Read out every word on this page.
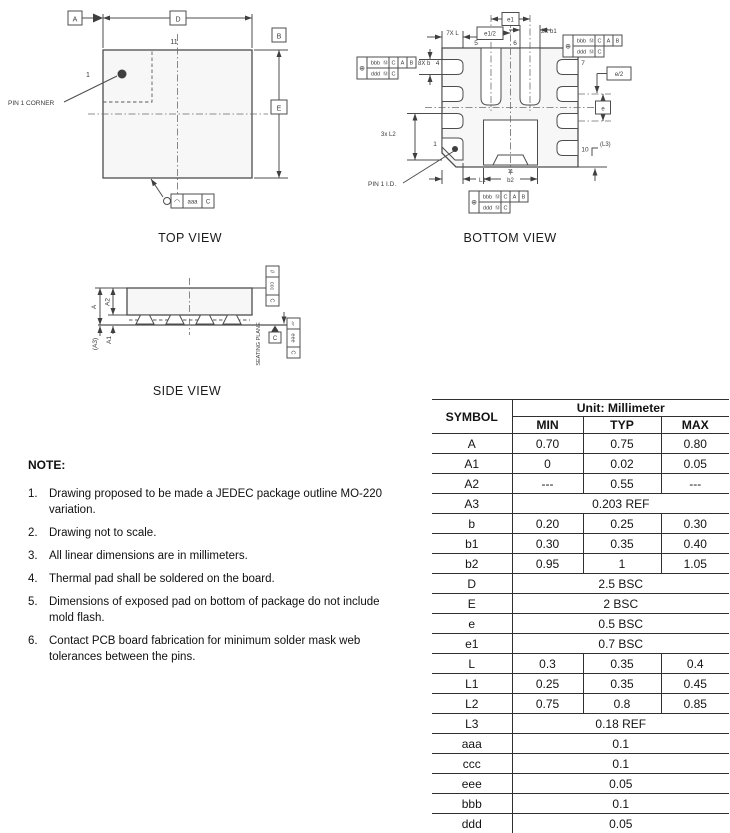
D
A
B
E
11
1
PIN 1 CORNER
◠ aaa C
e1
e1/2
7X L	2X b1
e/2
e
3x L2
1
PIN 1 I.D.	L1	b2
11
(L3)
10
7
5	6
8X b 4
⊕
bbb Ⓜ C A B
ddd Ⓜ C
⊕
bbb Ⓜ C A B
ddd Ⓜ C
⊕
bbb Ⓜ C A B
ddd Ⓜ C
A
A2
A1
(A3)
//
ccc
C
C
SEATING PLANE	▱
eee
C
TOP VIEW	BOTTOM VIEW
SIDE VIEW
NOTE:
1. Drawing proposed to be made a JEDEC package outline MO-220 variation.
2. Drawing not to scale.
3. All linear dimensions are in millimeters.
4. Thermal pad shall be soldered on the board.
5. Dimensions of exposed pad on bottom of package do not include mold flash.
6. Contact PCB board fabrication for minimum solder mask web tolerances between the pins.
SYMBOL	Unit: Millimeter		
	MIN	TYP	MAX
A	0.70	0.75	0.80
A1	0	0.02	0.05
A2	---	0.55	---
A3	0.203 REF		
b	0.20	0.25	0.30
b1	0.30	0.35	0.40
b2	0.95	1	1.05
D	2.5 BSC		
E	2 BSC		
e	0.5 BSC		
e1	0.7 BSC		
L	0.3	0.35	0.4
L1	0.25	0.35	0.45
L2	0.75	0.8	0.85
L3	0.18 REF		
aaa	0.1		
ccc	0.1		
eee	0.05		
bbb	0.1		
ddd	0.05		
